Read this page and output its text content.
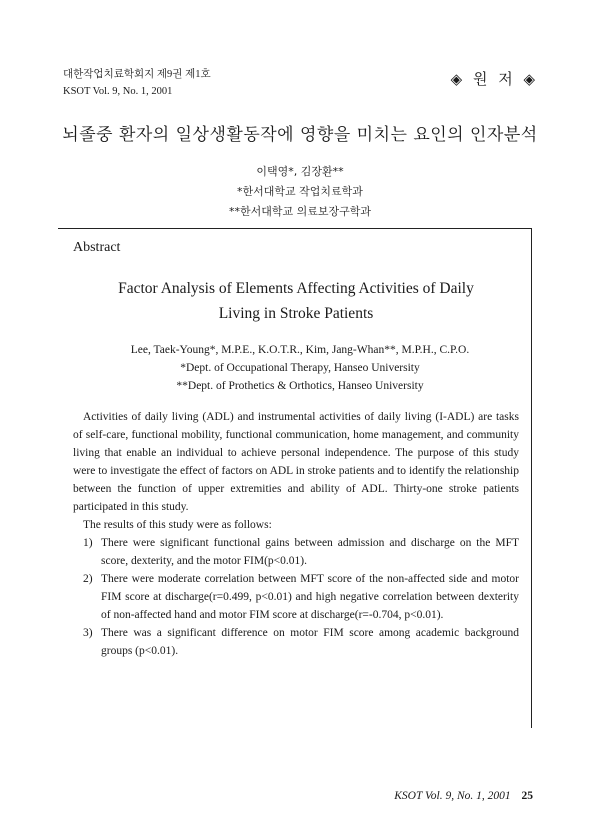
대한작업치료학회지 제9권 제1호
KSOT Vol. 9, No. 1, 2001
◈ 원 저 ◈
뇌졸중 환자의 일상생활동작에 영향을 미치는 요인의 인자분석
이택영*, 김장환**
*한서대학교 작업치료학과
**한서대학교 의료보장구학과
Abstract
Factor Analysis of Elements Affecting Activities of Daily Living in Stroke Patients
Lee, Taek-Young*, M.P.E., K.O.T.R., Kim, Jang-Whan**, M.P.H., C.P.O.
*Dept. of Occupational Therapy, Hanseo University
**Dept. of Prothetics & Orthotics, Hanseo University

Activities of daily living (ADL) and instrumental activities of daily living (I-ADL) are tasks of self-care, functional mobility, functional communication, home management, and community living that enable an individual to achieve personal independence. The purpose of this study were to investigate the effect of factors on ADL in stroke patients and to identify the relationship between the function of upper extremities and ability of ADL. Thirty-one stroke patients participated in this study.

The results of this study were as follows:

1) There were significant functional gains between admission and discharge on the MFT score, dexterity, and the motor FIM(p<0.01).
2) There were moderate correlation between MFT score of the non-affected side and motor FIM score at discharge(r=0.499, p<0.01) and high negative correlation between dexterity of non-affected hand and motor FIM score at discharge(r=-0.704, p<0.01).
3) There was a significant difference on motor FIM score among academic background groups (p<0.01).
KSOT Vol. 9, No. 1, 2001 25
